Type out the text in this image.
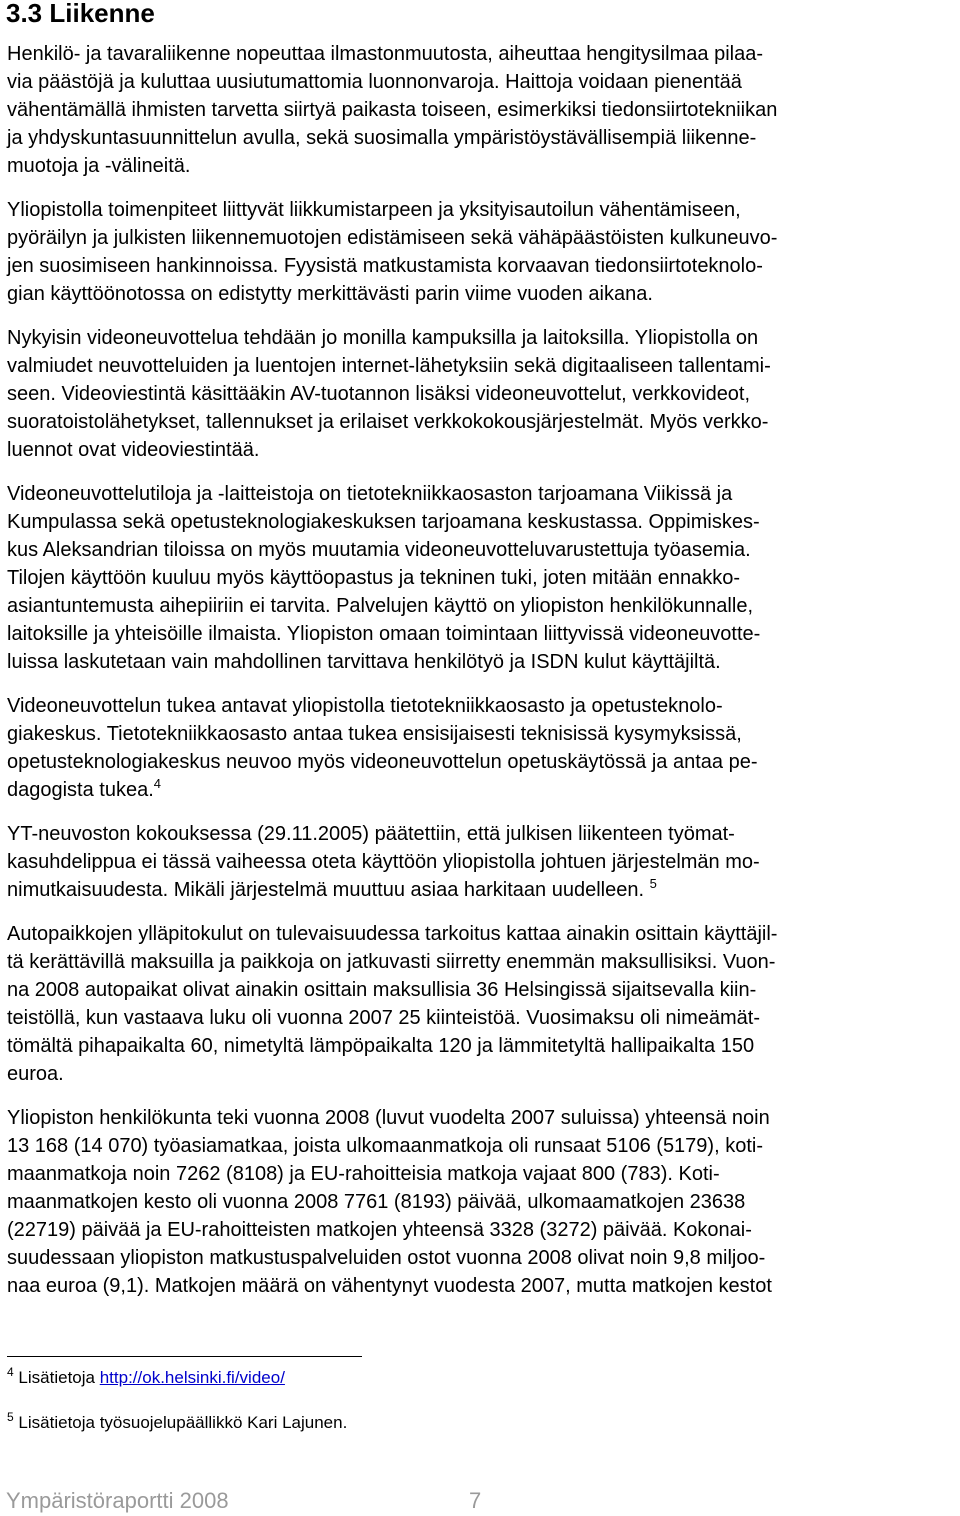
3.3 Liikenne
Henkilö- ja tavaraliikenne nopeuttaa ilmastonmuutosta, aiheuttaa hengitysilmaa pilaa-
via päästöjä ja kuluttaa uusiutumattomia luonnonvaroja. Haittoja voidaan pienentää
vähentämällä ihmisten tarvetta siirtyä paikasta toiseen, esimerkiksi tiedonsiirtotekniikan
ja yhdyskuntasuunnittelun avulla, sekä suosimalla ympäristöystävällisempiä liikenne-
muotoja ja -välineitä.
Yliopistolla toimenpiteet liittyvät liikkumistarpeen ja yksityisautoilun vähentämiseen,
pyöräilyn ja julkisten liikennemuotojen edistämiseen sekä vähäpäästöisten kulkuneuvo-
jen suosimiseen hankinnoissa. Fyysistä matkustamista korvaavan tiedonsiirtoteknolo-
gian käyttöönotossa on edistytty merkittävästi parin viime vuoden aikana.
Nykyisin videoneuvottelua tehdään jo monilla kampuksilla ja laitoksilla. Yliopistolla on
valmiudet neuvotteluiden ja luentojen internet-lähetyksiin sekä digitaaliseen tallentami-
seen. Videoviestintä käsittääkin AV-tuotannon lisäksi videoneuvottelut, verkkovideot,
suoratoistolähetykset, tallennukset ja erilaiset verkkokokousjärjestelmät. Myös verkko-
luennot ovat videoviestintää.
Videoneuvottelutiloja ja -laitteistoja on tietotekniikkaosaston tarjoamana Viikissä ja
Kumpulassa sekä opetusteknologiakeskuksen tarjoamana keskustassa. Oppimiskes-
kus Aleksandrian tiloissa on myös muutamia videoneuvotteluvarustettuja työasemia.
Tilojen käyttöön kuuluu myös käyttöopastus ja tekninen tuki, joten mitään ennakko-
asiantuntemusta aihepiiriin ei tarvita. Palvelujen käyttö on yliopiston henkilökunnalle,
laitoksille ja yhteisöille ilmaista. Yliopiston omaan toimintaan liittyvissä videoneuvotte-
luissa laskutetaan vain mahdollinen tarvittava henkilötyö ja ISDN kulut käyttäjiltä.
Videoneuvottelun tukea antavat yliopistolla tietotekniikkaosasto ja opetusteknolo-
giakeskus. Tietotekniikkaosasto antaa tukea ensisijaisesti teknisissä kysymyksissä,
opetusteknologiakeskus neuvoo myös videoneuvottelun opetuskäytössä ja antaa pe-
dagogista tukea.$^4$
YT-neuvoston kokouksessa (29.11.2005) päätettiin, että julkisen liikenteen työmat-
kasuhdelippua ei tässä vaiheessa oteta käyttöön yliopistolla johtuen järjestelmän mo-
nimutkaisuudesta. Mikäli järjestelmä muuttuu asiaa harkitaan uudelleen. $^5$
Autopaikkojen ylläpitokulut on tulevaisuudessa tarkoitus kattaa ainakin osittain käyttäjil-
tä kerättävillä maksuilla ja paikkoja on jatkuvasti siirretty enemmän maksullisiksi. Vuon-
na 2008 autopaikat olivat ainakin osittain maksullisia 36 Helsingissä sijaitsevalla kiin-
teistöllä, kun vastaava luku oli vuonna 2007 25 kiinteistöä. Vuosimaksu oli nimeämät-
tömältä pihapaikalta 60, nimetyltä lämpöpaikalta 120 ja lämmitetyltä hallipaikalta 150
euroa.
Yliopiston henkilökunta teki vuonna 2008 (luvut vuodelta 2007 suluissa) yhteensä noin
13 168 (14 070) työasiamatkaa, joista ulkomaanmatkoja oli runsaat 5106 (5179), koti-
maanmatkoja noin 7262 (8108) ja EU-rahoitteisia matkoja vajaat 800 (783). Koti-
maanmatkojen kesto oli vuonna 2008 7761 (8193) päivää, ulkomaamatkojen 23638
(22719) päivää ja EU-rahoitteisten matkojen yhteensä 3328 (3272) päivää. Kokonai-
suudessaan yliopiston matkustuspalveluiden ostot vuonna 2008 olivat noin 9,8 miljoo-
naa euroa (9,1). Matkojen määrä on vähentynyt vuodesta 2007, mutta matkojen kestot
$^4$ Lisätietoja http://ok.helsinki.fi/video/
$^5$ Lisätietoja työsuojelupäällikkö Kari Lajunen.
Ympäristöraportti 2008	7
